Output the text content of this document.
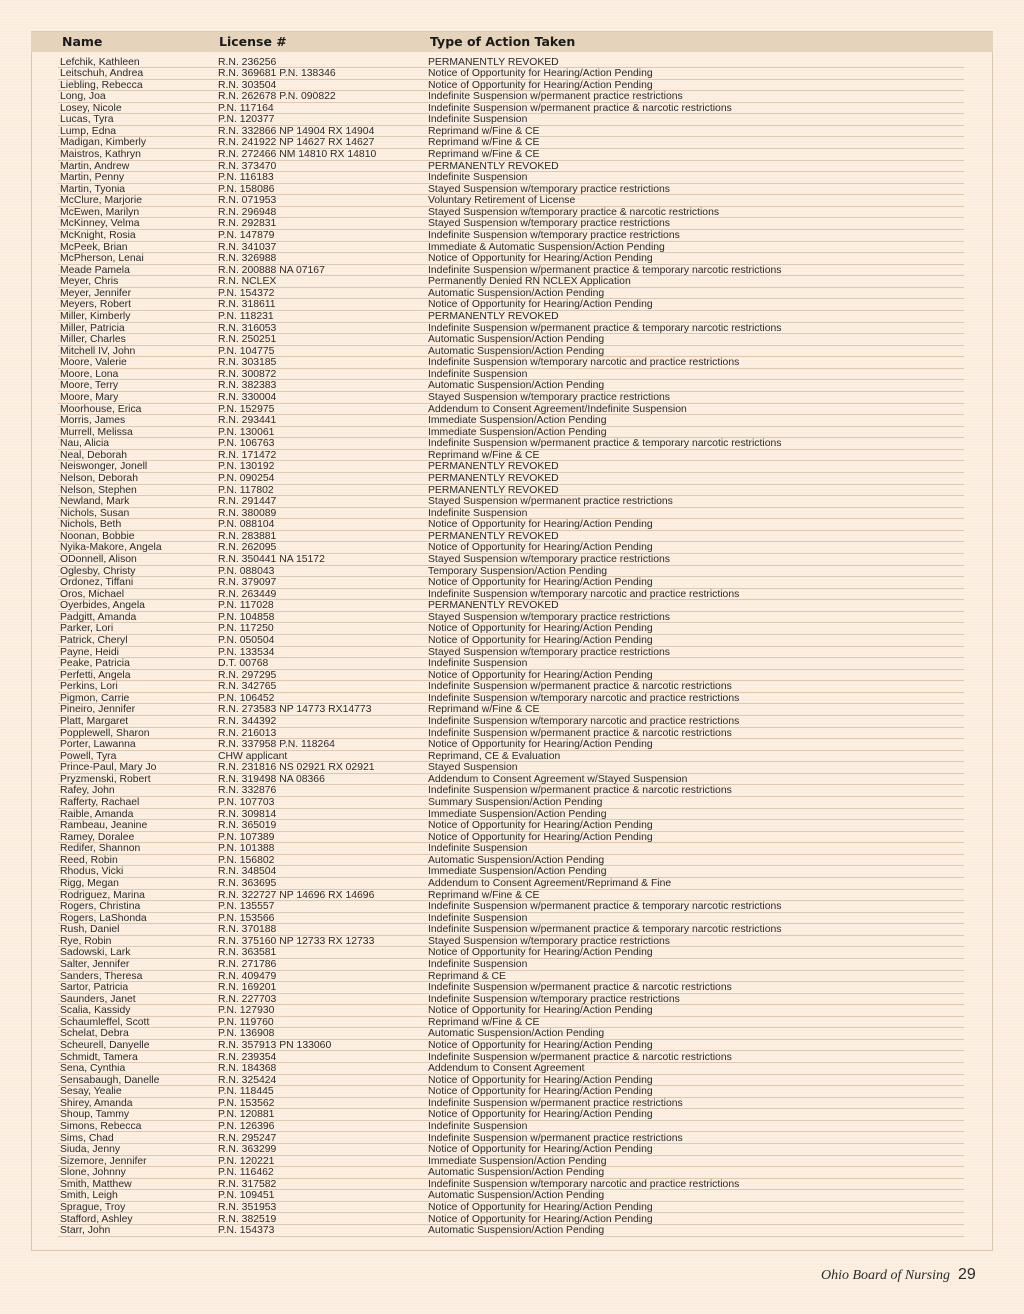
Name	License #	Type of Action Taken
Lefchik, Kathleen	R.N. 236256	PERMANENTLY REVOKED
Leitschuh, Andrea	R.N. 369681 P.N. 138346	Notice of Opportunity for Hearing/Action Pending
Liebling, Rebecca	R.N. 303504	Notice of Opportunity for Hearing/Action Pending
Long, Joa	R.N. 262678 P.N. 090822	Indefinite Suspension w/permanent practice restrictions
Losey, Nicole	P.N. 117164	Indefinite Suspension w/permanent practice & narcotic restrictions
Lucas, Tyra	P.N. 120377	Indefinite Suspension
Lump, Edna	R.N. 332866 NP 14904 RX 14904	Reprimand w/Fine & CE
Madigan, Kimberly	R.N. 241922 NP 14627 RX 14627	Reprimand w/Fine & CE
Maistros, Kathryn	R.N. 272466 NM 14810 RX 14810	Reprimand w/Fine & CE
Martin, Andrew	R.N. 373470	PERMANENTLY REVOKED
Martin, Penny	P.N. 116183	Indefinite Suspension
Martin, Tyonia	P.N. 158086	Stayed Suspension w/temporary practice restrictions
McClure, Marjorie	R.N. 071953	Voluntary Retirement of License
McEwen, Marilyn	R.N. 296948	Stayed Suspension w/temporary practice & narcotic restrictions
McKinney, Velma	R.N. 292831	Stayed Suspension w/temporary practice restrictions
McKnight, Rosia	P.N. 147879	Indefinite Suspension w/temporary practice restrictions
McPeek, Brian	R.N. 341037	Immediate & Automatic Suspension/Action Pending
McPherson, Lenai	R.N. 326988	Notice of Opportunity for Hearing/Action Pending
Meade Pamela	R.N. 200888 NA 07167	Indefinite Suspension w/permanent practice & temporary narcotic restrictions
Meyer, Chris	R.N. NCLEX	Permanently Denied RN NCLEX Application
Meyer, Jennifer	P.N. 154372	Automatic Suspension/Action Pending
Meyers, Robert	R.N. 318611	Notice of Opportunity for Hearing/Action Pending
Miller, Kimberly	P.N. 118231	PERMANENTLY REVOKED
Miller, Patricia	R.N. 316053	Indefinite Suspension w/permanent practice & temporary narcotic restrictions
Miller, Charles	R.N. 250251	Automatic Suspension/Action Pending
Mitchell IV, John	P.N. 104775	Automatic Suspension/Action Pending
Moore, Valerie	R.N. 303185	Indefinite Suspension w/temporary narcotic and practice restrictions
Moore, Lona	R.N. 300872	Indefinite Suspension
Moore, Terry	R.N. 382383	Automatic Suspension/Action Pending
Moore, Mary	R.N. 330004	Stayed Suspension w/temporary practice restrictions
Moorhouse, Erica	P.N. 152975	Addendum to Consent Agreement/Indefinite Suspension
Morris, James	R.N. 293441	Immediate Suspension/Action Pending
Murrell, Melissa	P.N. 130061	Immediate Suspension/Action Pending
Nau, Alicia	P.N. 106763	Indefinite Suspension w/permanent practice & temporary narcotic restrictions
Neal, Deborah	R.N. 171472	Reprimand w/Fine & CE
Neiswonger, Jonell	P.N. 130192	PERMANENTLY REVOKED
Nelson, Deborah	P.N. 090254	PERMANENTLY REVOKED
Nelson, Stephen	P.N. 117802	PERMANENTLY REVOKED
Newland, Mark	R.N. 291447	Stayed Suspension w/permanent practice restrictions
Nichols, Susan	R.N. 380089	Indefinite Suspension
Nichols, Beth	P.N. 088104	Notice of Opportunity for Hearing/Action Pending
Noonan, Bobbie	R.N. 283881	PERMANENTLY REVOKED
Nyika-Makore, Angela	R.N. 262095	Notice of Opportunity for Hearing/Action Pending
ODonnell, Alison	R.N. 350441 NA 15172	Stayed Suspension w/temporary practice restrictions
Oglesby, Christy	P.N. 088043	Temporary Suspension/Action Pending
Ordonez, Tiffani	R.N. 379097	Notice of Opportunity for Hearing/Action Pending
Oros, Michael	R.N. 263449	Indefinite Suspension w/temporary narcotic and practice restrictions
Oyerbides, Angela	P.N. 117028	PERMANENTLY REVOKED
Padgitt, Amanda	P.N. 104858	Stayed Suspension w/temporary practice restrictions
Parker, Lori	P.N. 117250	Notice of Opportunity for Hearing/Action Pending
Patrick, Cheryl	P.N. 050504	Notice of Opportunity for Hearing/Action Pending
Payne, Heidi	P.N. 133534	Stayed Suspension w/temporary practice restrictions
Peake, Patricia	D.T. 00768	Indefinite Suspension
Perfetti, Angela	R.N. 297295	Notice of Opportunity for Hearing/Action Pending
Perkins, Lori	R.N. 342765	Indefinite Suspension w/permanent practice & narcotic restrictions
Pigmon, Carrie	P.N. 106452	Indefinite Suspension w/temporary narcotic and practice restrictions
Pineiro, Jennifer	R.N. 273583 NP 14773 RX14773	Reprimand w/Fine & CE
Platt, Margaret	R.N. 344392	Indefinite Suspension w/temporary narcotic and practice restrictions
Popplewell, Sharon	R.N. 216013	Indefinite Suspension w/permanent practice & narcotic restrictions
Porter, Lawanna	R.N. 337958 P.N. 118264	Notice of Opportunity for Hearing/Action Pending
Powell, Tyra	CHW applicant	Reprimand, CE & Evaluation
Prince-Paul, Mary Jo	R.N. 231816 NS 02921 RX 02921	Stayed Suspension
Pryzmenski, Robert	R.N. 319498 NA 08366	Addendum to Consent Agreement w/Stayed Suspension
Rafey, John	R.N. 332876	Indefinite Suspension w/permanent practice & narcotic restrictions
Rafferty, Rachael	P.N. 107703	Summary Suspension/Action Pending
Raible, Amanda	R.N. 309814	Immediate Suspension/Action Pending
Rambeau, Jeanine	R.N. 365019	Notice of Opportunity for Hearing/Action Pending
Ramey, Doralee	P.N. 107389	Notice of Opportunity for Hearing/Action Pending
Redifer, Shannon	P.N. 101388	Indefinite Suspension
Reed, Robin	P.N. 156802	Automatic Suspension/Action Pending
Rhodus, Vicki	R.N. 348504	Immediate Suspension/Action Pending
Rigg, Megan	R.N. 363695	Addendum to Consent Agreement/Reprimand & Fine
Rodriguez, Marina	R.N. 322727 NP 14696 RX 14696	Reprimand w/Fine & CE
Rogers, Christina	P.N. 135557	Indefinite Suspension w/permanent practice & temporary narcotic restrictions
Rogers, LaShonda	P.N. 153566	Indefinite Suspension
Rush, Daniel	R.N. 370188	Indefinite Suspension w/permanent practice & temporary narcotic restrictions
Rye, Robin	R.N. 375160 NP 12733 RX 12733	Stayed Suspension w/temporary practice restrictions
Sadowski, Lark	R.N. 363581	Notice of Opportunity for Hearing/Action Pending
Salter, Jennifer	R.N. 271786	Indefinite Suspension
Sanders, Theresa	R.N. 409479	Reprimand & CE
Sartor, Patricia	R.N. 169201	Indefinite Suspension w/permanent practice & narcotic restrictions
Saunders, Janet	R.N. 227703	Indefinite Suspension w/temporary practice restrictions
Scalia, Kassidy	P.N. 127930	Notice of Opportunity for Hearing/Action Pending
Schaumleffel, Scott	P.N. 119760	Reprimand w/Fine & CE
Schelat, Debra	P.N. 136908	Automatic Suspension/Action Pending
Scheurell, Danyelle	R.N. 357913 PN 133060	Notice of Opportunity for Hearing/Action Pending
Schmidt, Tamera	R.N. 239354	Indefinite Suspension w/permanent practice & narcotic restrictions
Sena, Cynthia	R.N. 184368	Addendum to Consent Agreement
Sensabaugh, Danelle	R.N. 325424	Notice of Opportunity for Hearing/Action Pending
Sesay, Yealie	P.N. 118445	Notice of Opportunity for Hearing/Action Pending
Shirey, Amanda	P.N. 153562	Indefinite Suspension w/permanent practice restrictions
Shoup, Tammy	P.N. 120881	Notice of Opportunity for Hearing/Action Pending
Simons, Rebecca	P.N. 126396	Indefinite Suspension
Sims, Chad	R.N. 295247	Indefinite Suspension w/permanent practice restrictions
Siuda, Jenny	R.N. 363299	Notice of Opportunity for Hearing/Action Pending
Sizemore, Jennifer	P.N. 120221	Immediate Suspension/Action Pending
Slone, Johnny	P.N. 116462	Automatic Suspension/Action Pending
Smith, Matthew	R.N. 317582	Indefinite Suspension w/temporary narcotic and practice restrictions
Smith, Leigh	P.N. 109451	Automatic Suspension/Action Pending
Sprague, Troy	R.N. 351953	Notice of Opportunity for Hearing/Action Pending
Stafford, Ashley	R.N. 382519	Notice of Opportunity for Hearing/Action Pending
Starr, John	P.N. 154373	Automatic Suspension/Action Pending
Ohio Board of Nursing 29
